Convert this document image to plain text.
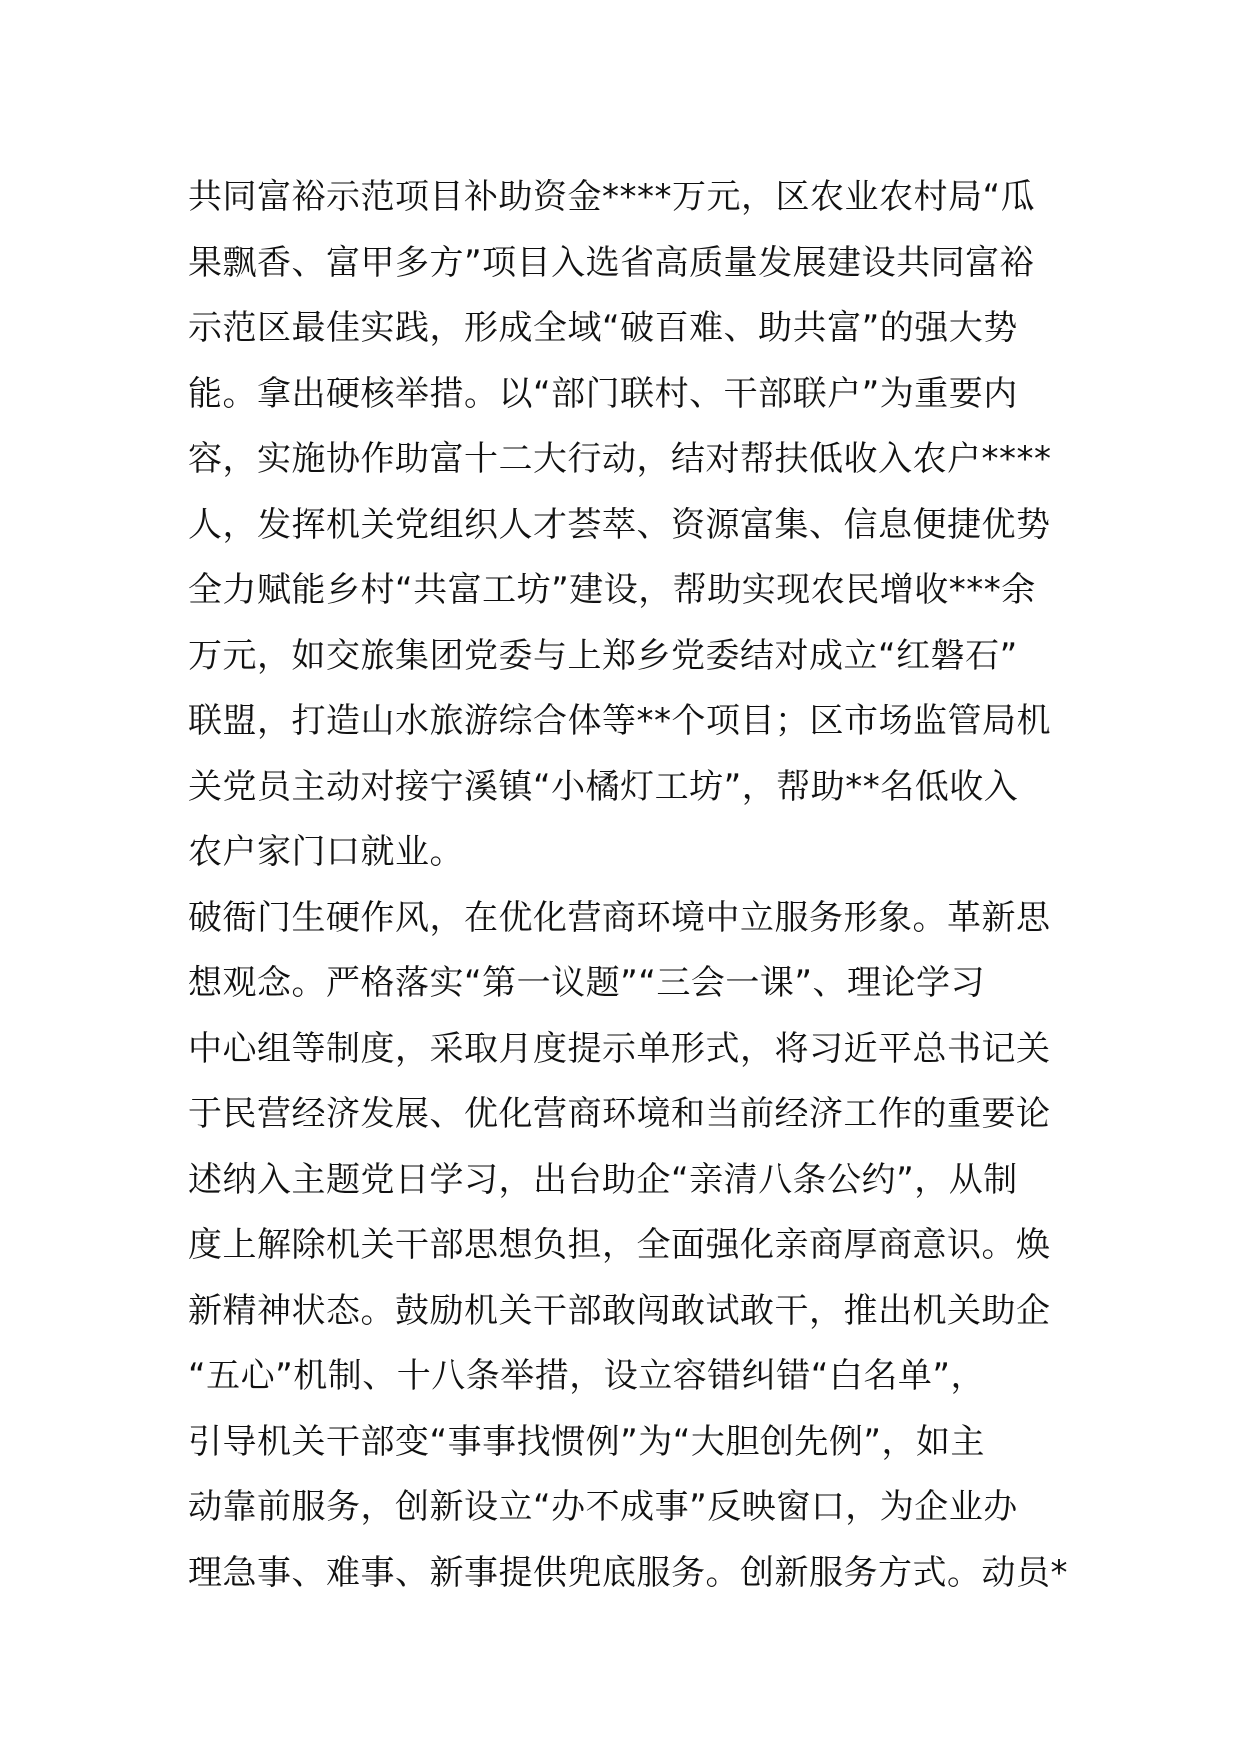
共同富裕示范项目补助资金****万元，区农业农村局“瓜
果飘香、富甲多方”项目入选省高质量发展建设共同富裕
示范区最佳实践，形成全域“破百难、助共富”的强大势
能。拿出硬核举措。以“部门联村、干部联户”为重要内
容，实施协作助富十二大行动，结对帮扶低收入农户****
人，发挥机关党组织人才荟萃、资源富集、信息便捷优势
全力赋能乡村“共富工坊”建设，帮助实现农民增收***余
万元，如交旅集团党委与上郑乡党委结对成立“红磐石”
联盟，打造山水旅游综合体等**个项目；区市场监管局机
关党员主动对接宁溪镇“小橘灯工坊”，帮助**名低收入
农户家门口就业。
破衙门生硬作风，在优化营商环境中立服务形象。革新思
想观念。严格落实“第一议题”“三会一课”、理论学习
中心组等制度，采取月度提示单形式，将习近平总书记关
于民营经济发展、优化营商环境和当前经济工作的重要论
述纳入主题党日学习，出台助企“亲清八条公约”，从制
度上解除机关干部思想负担，全面强化亲商厚商意识。焕
新精神状态。鼓励机关干部敢闯敢试敢干，推出机关助企
“五心”机制、十八条举措，设立容错纠错“白名单”，
引导机关干部变“事事找惯例”为“大胆创先例”，如主
动靠前服务，创新设立“办不成事”反映窗口，为企业办
理急事、难事、新事提供兜底服务。创新服务方式。动员*
